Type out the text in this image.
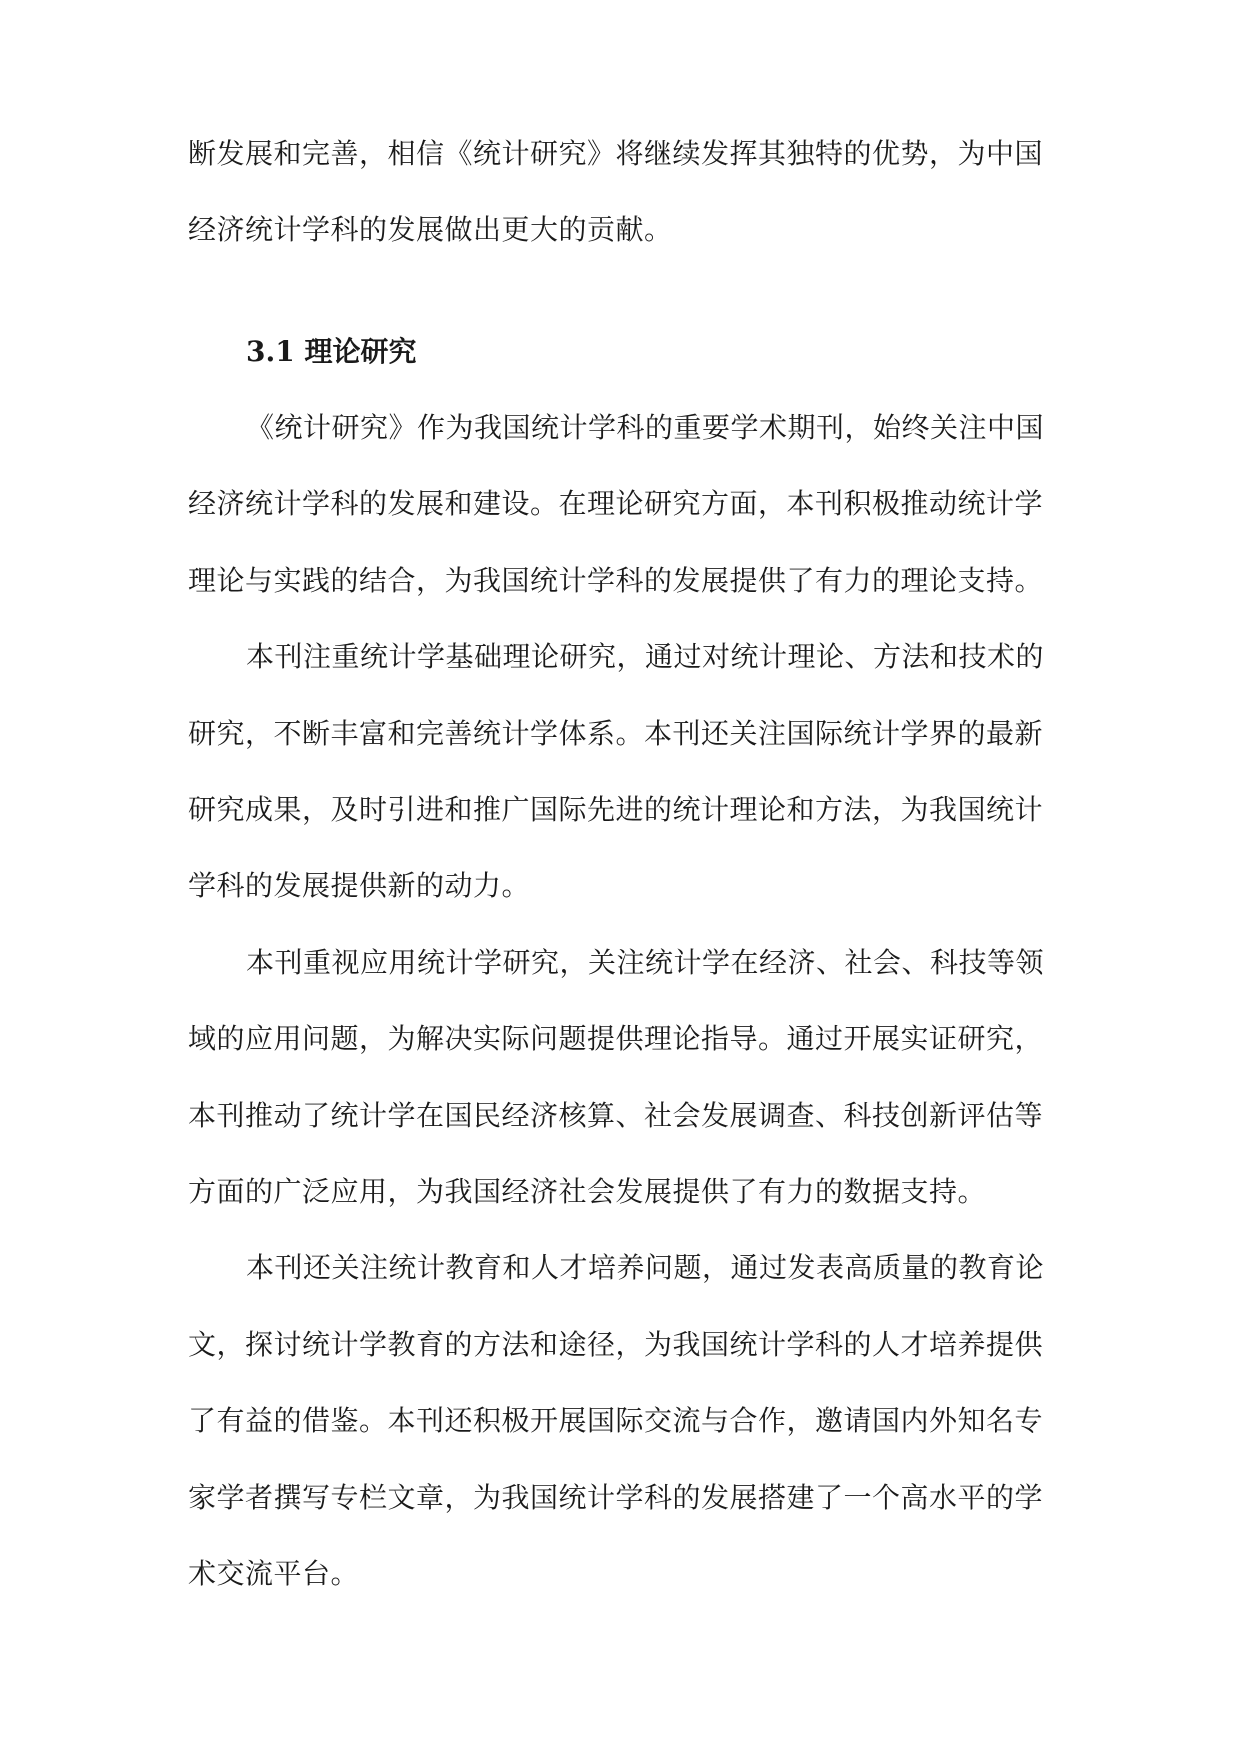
断发展和完善，相信《统计研究》将继续发挥其独特的优势，为中国
经济统计学科的发展做出更大的贡献。
3.1 理论研究
《统计研究》作为我国统计学科的重要学术期刊，始终关注中国
经济统计学科的发展和建设。在理论研究方面，本刊积极推动统计学
理论与实践的结合，为我国统计学科的发展提供了有力的理论支持。
本刊注重统计学基础理论研究，通过对统计理论、方法和技术的
研究，不断丰富和完善统计学体系。本刊还关注国际统计学界的最新
研究成果，及时引进和推广国际先进的统计理论和方法，为我国统计
学科的发展提供新的动力。
本刊重视应用统计学研究，关注统计学在经济、社会、科技等领
域的应用问题，为解决实际问题提供理论指导。通过开展实证研究，
本刊推动了统计学在国民经济核算、社会发展调查、科技创新评估等
方面的广泛应用，为我国经济社会发展提供了有力的数据支持。
本刊还关注统计教育和人才培养问题，通过发表高质量的教育论
文，探讨统计学教育的方法和途径，为我国统计学科的人才培养提供
了有益的借鉴。本刊还积极开展国际交流与合作，邀请国内外知名专
家学者撰写专栏文章，为我国统计学科的发展搭建了一个高水平的学
术交流平台。
